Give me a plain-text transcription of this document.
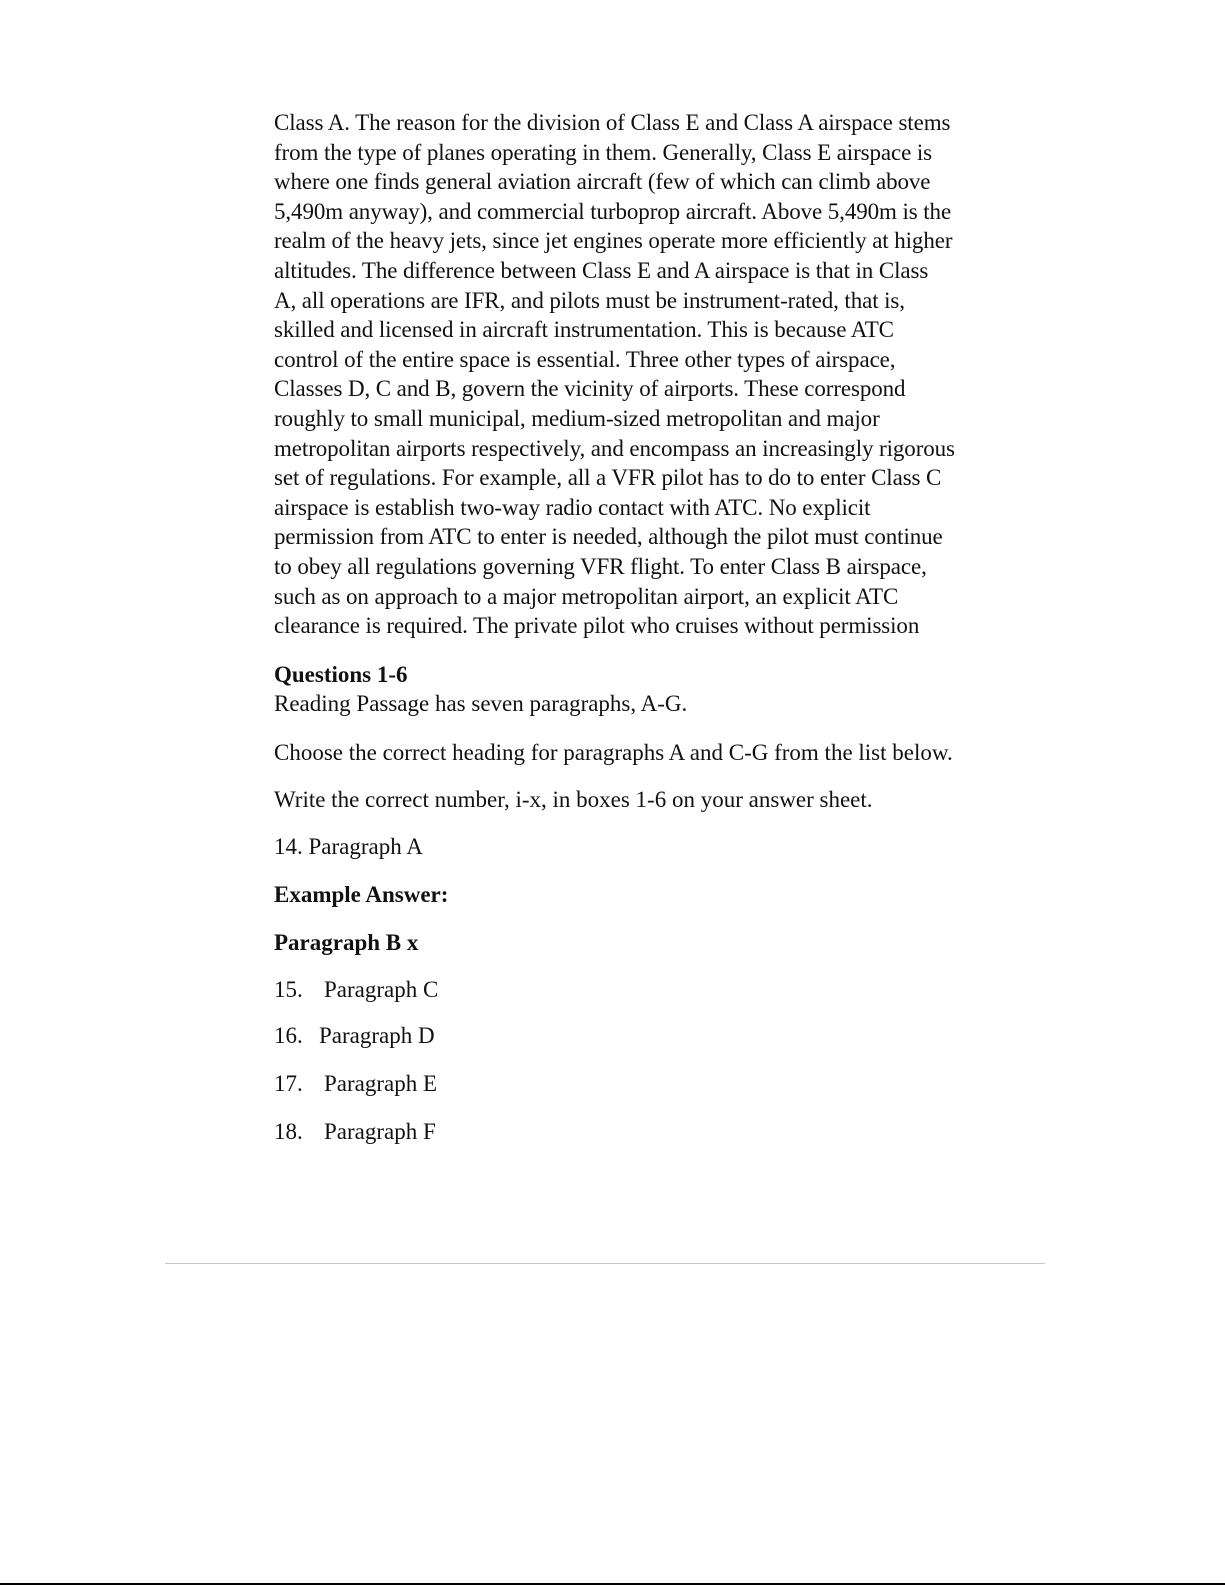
Class A. The reason for the division of Class E and Class A airspace stems
from the type of planes operating in them. Generally, Class E airspace is
where one finds general aviation aircraft (few of which can climb above
5,490m anyway), and commercial turboprop aircraft. Above 5,490m is the
realm of the heavy jets, since jet engines operate more efficiently at higher
altitudes. The difference between Class E and A airspace is that in Class
A, all operations are IFR, and pilots must be instrument-rated, that is,
skilled and licensed in aircraft instrumentation. This is because ATC
control of the entire space is essential. Three other types of airspace,
Classes D, C and B, govern the vicinity of airports. These correspond
roughly to small municipal, medium-sized metropolitan and major
metropolitan airports respectively, and encompass an increasingly rigorous
set of regulations. For example, all a VFR pilot has to do to enter Class C
airspace is establish two-way radio contact with ATC. No explicit
permission from ATC to enter is needed, although the pilot must continue
to obey all regulations governing VFR flight. To enter Class B airspace,
such as on approach to a major metropolitan airport, an explicit ATC
clearance is required. The private pilot who cruises without permission
Questions 1-6
Reading Passage has seven paragraphs, A-G.
Choose the correct heading for paragraphs A and C-G from the list below.
Write the correct number, i-x, in boxes 1-6 on your answer sheet.
14. Paragraph A
Example Answer:
Paragraph B x
15. Paragraph C
16. Paragraph D
17. Paragraph E
18. Paragraph F
